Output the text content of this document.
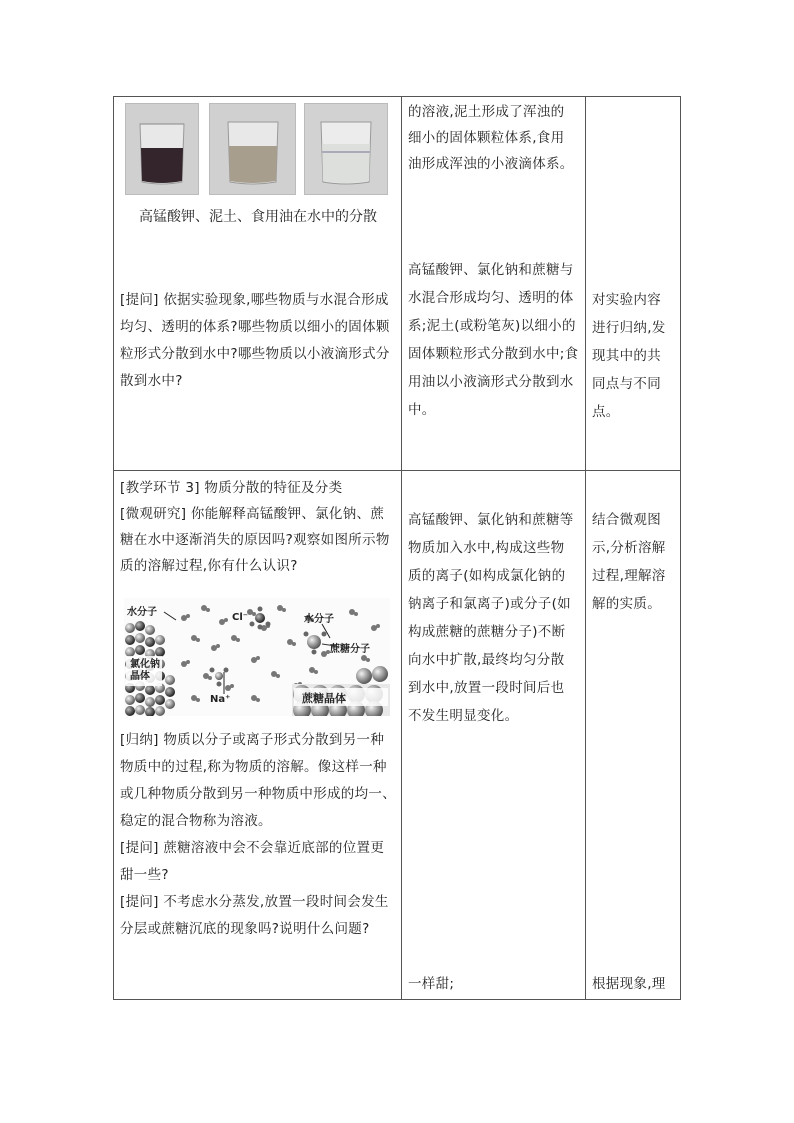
高锰酸钾、泥土、食用油在水中的分散

的溶液,泥土形成了浑浊的

细小的固体颗粒体系,食用

油形成浑浊的小液滴体系。

[提问] 依据实验现象,哪些物质与水混合形成

均匀、透明的体系?哪些物质以细小的固体颗

粒形式分散到水中?哪些物质以小液滴形式分

散到水中?

高锰酸钾、氯化钠和蔗糖与

水混合形成均匀、透明的体

系;泥土(或粉笔灰)以细小的

固体颗粒形式分散到水中;食

用油以小液滴形式分散到水

中。

对实验内容

进行归纳,发

现其中的共

同点与不同

点。

[教学环节 3] 物质分散的特征及分类

[微观研究] 你能解释高锰酸钾、氯化钠、蔗

糖在水中逐渐消失的原因吗?观察如图所示物

质的溶解过程,你有什么认识?

水分子
氯化钠
晶体
Cl⁻
Na⁺
水分子
蔗糖分子
蔗糖晶体

[归纳] 物质以分子或离子形式分散到另一种

物质中的过程,称为物质的溶解。像这样一种

或几种物质分散到另一种物质中形成的均一、

稳定的混合物称为溶液。

[提问] 蔗糖溶液中会不会靠近底部的位置更

甜一些?

[提问] 不考虑水分蒸发,放置一段时间会发生

分层或蔗糖沉底的现象吗?说明什么问题?

高锰酸钾、氯化钠和蔗糖等

物质加入水中,构成这些物

质的离子(如构成氯化钠的

钠离子和氯离子)或分子(如

构成蔗糖的蔗糖分子)不断

向水中扩散,最终均匀分散

到水中,放置一段时间后也

不发生明显变化。

一样甜;

结合微观图

示,分析溶解

过程,理解溶

解的实质。

根据现象,理
